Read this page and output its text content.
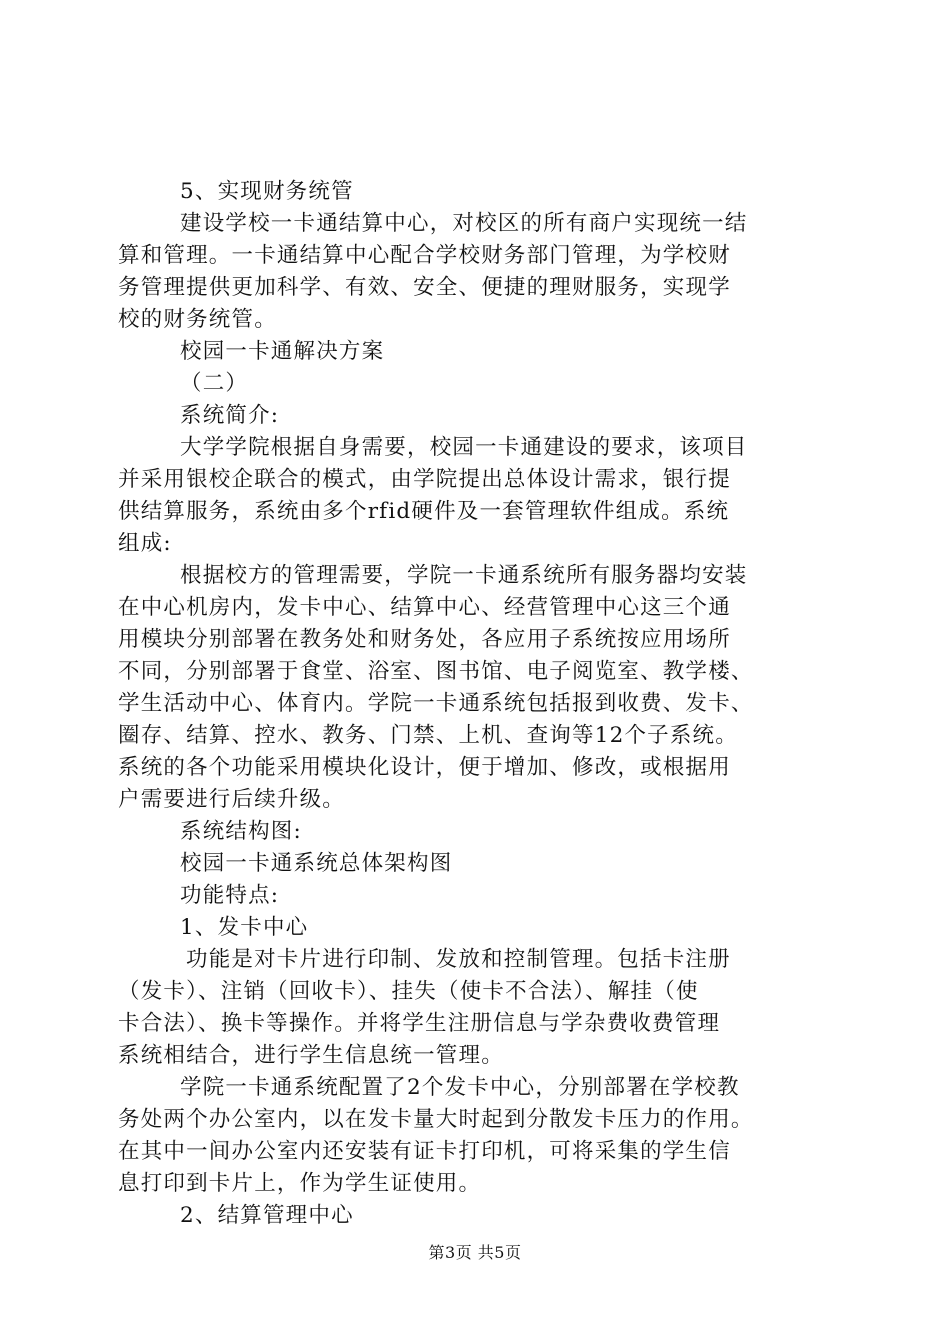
5、实现财务统管
建设学校一卡通结算中心，对校区的所有商户实现统一结
算和管理。一卡通结算中心配合学校财务部门管理，为学校财
务管理提供更加科学、有效、安全、便捷的理财服务，实现学
校的财务统管。
校园一卡通解决方案
（二）
系统简介:
大学学院根据自身需要，校园一卡通建设的要求，该项目
并采用银校企联合的模式，由学院提出总体设计需求，银行提
供结算服务，系统由多个rfid硬件及一套管理软件组成。系统
组成:
根据校方的管理需要，学院一卡通系统所有服务器均安装
在中心机房内，发卡中心、结算中心、经营管理中心这三个通
用模块分别部署在教务处和财务处，各应用子系统按应用场所
不同，分别部署于食堂、浴室、图书馆、电子阅览室、教学楼、
学生活动中心、体育内。学院一卡通系统包括报到收费、发卡、
圈存、结算、控水、教务、门禁、上机、查询等12个子系统。
系统的各个功能采用模块化设计，便于增加、修改，或根据用
户需要进行后续升级。
系统结构图:
校园一卡通系统总体架构图
功能特点:
1、发卡中心
功能是对卡片进行印制、发放和控制管理。包括卡注册
（发卡）、注销（回收卡）、挂失（使卡不合法）、解挂（使
卡合法）、换卡等操作。并将学生注册信息与学杂费收费管理
系统相结合，进行学生信息统一管理。
学院一卡通系统配置了2个发卡中心，分别部署在学校教
务处两个办公室内，以在发卡量大时起到分散发卡压力的作用。
在其中一间办公室内还安装有证卡打印机，可将采集的学生信
息打印到卡片上，作为学生证使用。
2、结算管理中心
第3页 共5页
